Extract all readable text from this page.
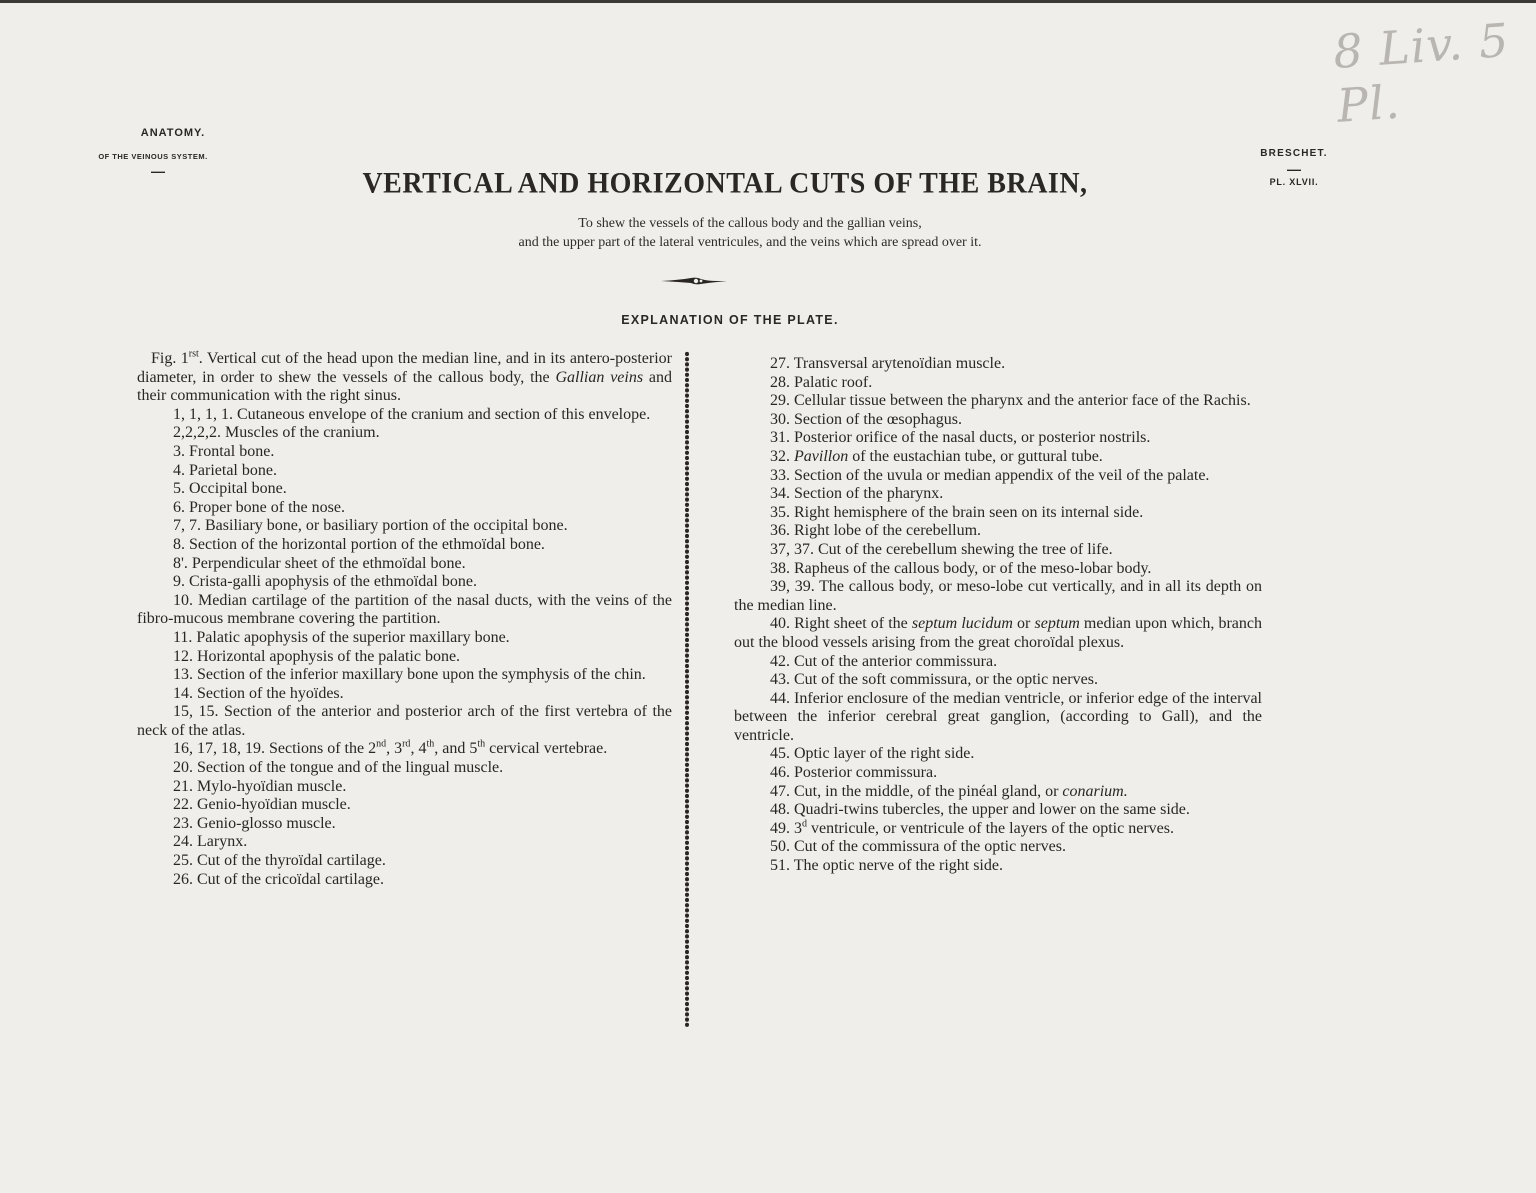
8 Liv. 5 Pl.
ANATOMY.
OF THE VEINOUS SYSTEM.
—
BRESCHET.
—
PL. XLVII.
VERTICAL AND HORIZONTAL CUTS OF THE BRAIN,
To shew the vessels of the callous body and the gallian veins,
and the upper part of the lateral ventricules, and the veins which are spread over it.
EXPLANATION OF THE PLATE.

Fig. $1^{rst}$. Vertical cut of the head upon the median line, and in its antero-posterior diameter, in order to shew the vessels of the callous body, the Gallian veins and their communication with the right sinus.

1, 1, 1, 1. Cutaneous envelope of the cranium and section of this envelope.

2,2,2,2. Muscles of the cranium.

3. Frontal bone.

4. Parietal bone.

5. Occipital bone.

6. Proper bone of the nose.

7, 7. Basiliary bone, or basiliary portion of the occipital bone.

8. Section of the horizontal portion of the ethmoïdal bone.

8'. Perpendicular sheet of the ethmoïdal bone.

9. Crista-galli apophysis of the ethmoïdal bone.

10. Median cartilage of the partition of the nasal ducts, with the veins of the fibro-mucous membrane covering the partition.

11. Palatic apophysis of the superior maxillary bone.

12. Horizontal apophysis of the palatic bone.

13. Section of the inferior maxillary bone upon the symphysis of the chin.

14. Section of the hyoïdes.

15, 15. Section of the anterior and posterior arch of the first vertebra of the neck of the atlas.

16, 17, 18, 19. Sections of the 2nd, 3rd, 4th, and 5th cervical vertebrae.

20. Section of the tongue and of the lingual muscle.

21. Mylo-hyoïdian muscle.

22. Genio-hyoïdian muscle.

23. Genio-glosso muscle.

24. Larynx.

25. Cut of the thyroïdal cartilage.

26. Cut of the cricoïdal cartilage.

27. Transversal arytenoïdian muscle.

28. Palatic roof.

29. Cellular tissue between the pharynx and the anterior face of the Rachis.

30. Section of the œsophagus.

31. Posterior orifice of the nasal ducts, or posterior nostrils.

32. Pavillon of the eustachian tube, or guttural tube.

33. Section of the uvula or median appendix of the veil of the palate.

34. Section of the pharynx.

35. Right hemisphere of the brain seen on its internal side.

36. Right lobe of the cerebellum.

37, 37. Cut of the cerebellum shewing the tree of life.

38. Rapheus of the callous body, or of the meso-lobar body.

39, 39. The callous body, or meso-lobe cut vertically, and in all its depth on the median line.

40. Right sheet of the septum lucidum or septum median upon which, branch out the blood vessels arising from the great choroïdal plexus.

42. Cut of the anterior commissura.

43. Cut of the soft commissura, or the optic nerves.

44. Inferior enclosure of the median ventricle, or inferior edge of the interval between the inferior cerebral great ganglion, (according to Gall), and the ventricle.

45. Optic layer of the right side.

46. Posterior commissura.

47. Cut, in the middle, of the pinéal gland, or conarium.

48. Quadri-twins tubercles, the upper and lower on the same side.

49. 3$^d$ ventricule, or ventricule of the layers of the optic nerves.

50. Cut of the commissura of the optic nerves.

51. The optic nerve of the right side.
